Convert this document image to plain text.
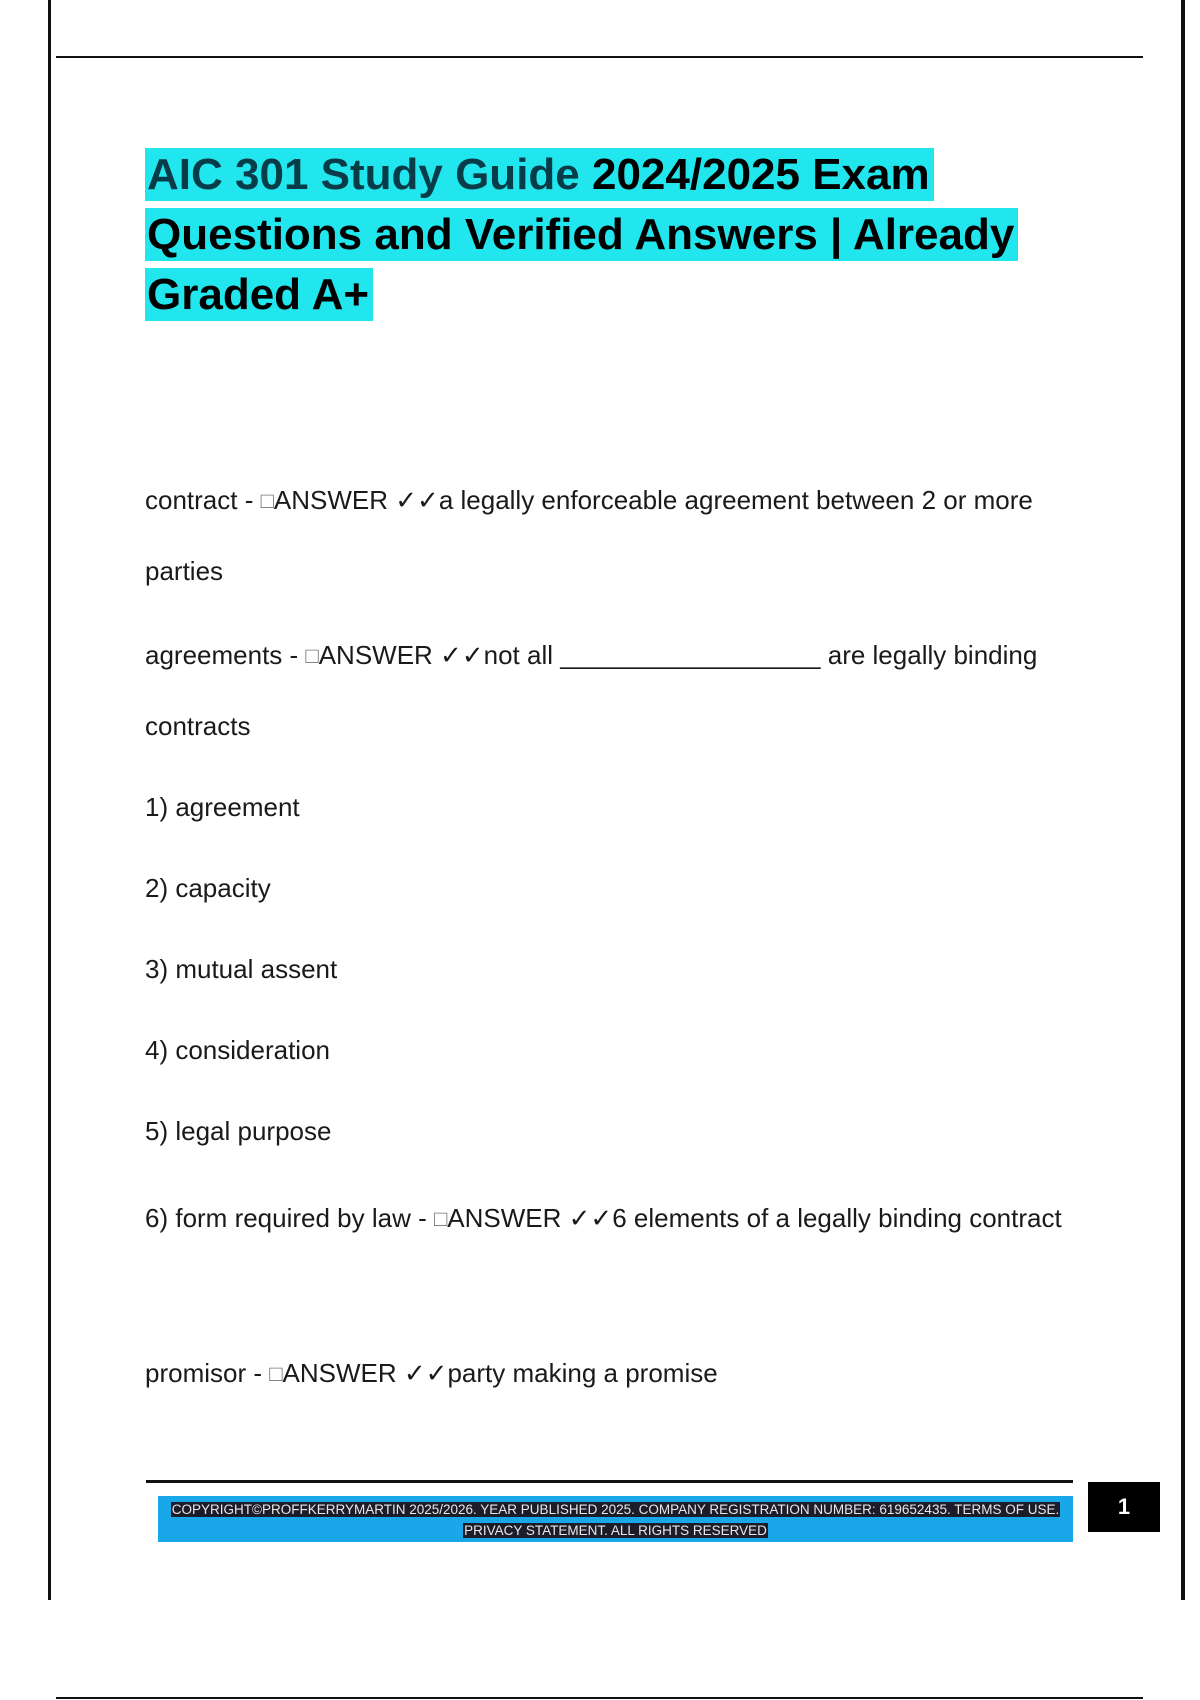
AIC 301 Study Guide 2024/2025 Exam Questions and Verified Answers | Already Graded A+

contract - □ANSWER ✓✓a legally enforceable agreement between 2 or more parties

agreements - □ANSWER ✓✓not all __________________ are legally binding contracts

1) agreement

2) capacity

3) mutual assent

4) consideration

5) legal purpose

6) form required by law - □ANSWER ✓✓6 elements of a legally binding contract

promisor - □ANSWER ✓✓party making a promise

COPYRIGHT©PROFFKERRYMARTIN 2025/2026. YEAR PUBLISHED 2025. COMPANY REGISTRATION NUMBER: 619652435. TERMS OF USE.
PRIVACY STATEMENT. ALL RIGHTS RESERVED
1
